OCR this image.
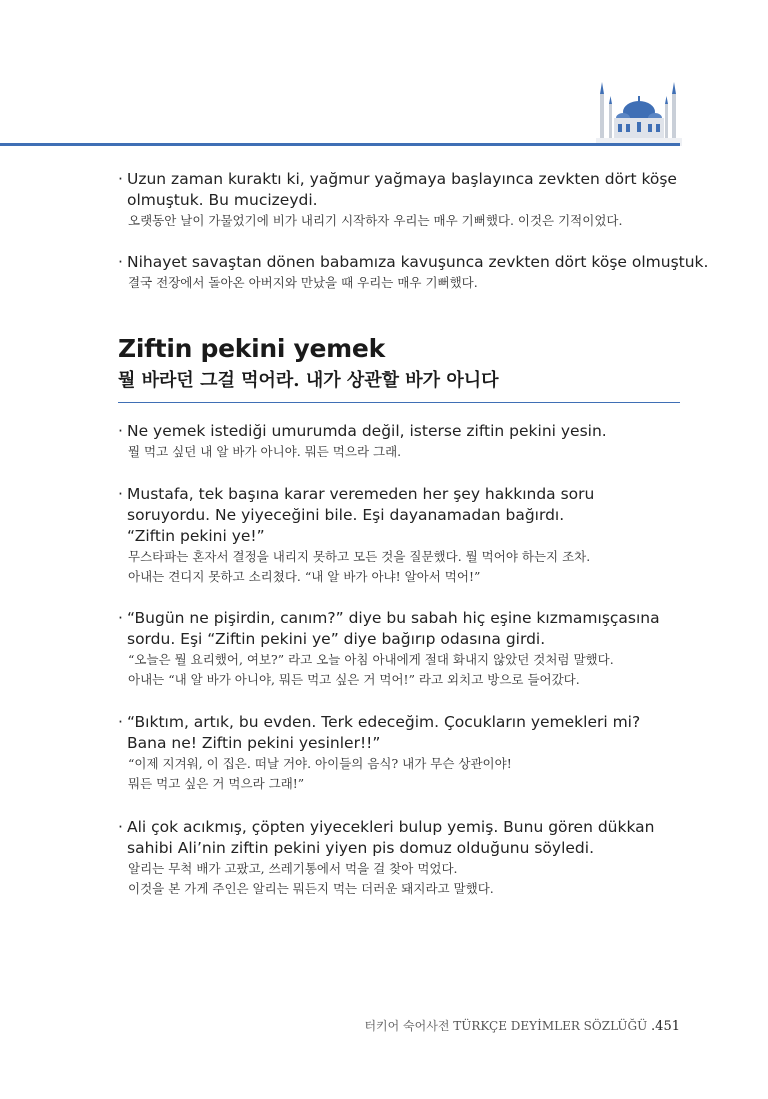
· Uzun zaman kuraktı ki, yağmur yağmaya başlayınca zevkten dört köşe
olmuştuk. Bu mucizeydi.
오랫동안 날이 가물었기에 비가 내리기 시작하자 우리는 매우 기뻐했다. 이것은 기적이었다.
· Nihayet savaştan dönen babamıza kavuşunca zevkten dört köşe olmuştuk.
결국 전장에서 돌아온 아버지와 만났을 때 우리는 매우 기뻐했다.
Ziftin pekini yemek
뭘 바라던 그걸 먹어라. 내가 상관할 바가 아니다
· Ne yemek istediği umurumda değil, isterse ziftin pekini yesin.
뭘 먹고 싶던 내 알 바가 아니야. 뭐든 먹으라 그래.
· Mustafa, tek başına karar veremeden her şey hakkında soru
soruyordu. Ne yiyeceğini bile. Eşi dayanamadan bağırdı.
“Ziftin pekini ye!”
무스타파는 혼자서 결정을 내리지 못하고 모든 것을 질문했다. 뭘 먹어야 하는지 조차.
아내는 견디지 못하고 소리쳤다. “내 알 바가 아냐! 알아서 먹어!”
· “Bugün ne pişirdin, canım?” diye bu sabah hiç eşine kızmamışçasına
sordu. Eşi “Ziftin pekini ye” diye bağırıp odasına girdi.
“오늘은 뭘 요리했어, 여보?” 라고 오늘 아침 아내에게 절대 화내지 않았던 것처럼 말했다.
아내는 “내 알 바가 아니야, 뭐든 먹고 싶은 거 먹어!” 라고 외치고 방으로 들어갔다.
· “Bıktım, artık, bu evden. Terk edeceğim. Çocukların yemekleri mi?
Bana ne! Ziftin pekini yesinler!!”
“이제 지겨워, 이 집은. 떠날 거야. 아이들의 음식? 내가 무슨 상관이야!
뭐든 먹고 싶은 거 먹으라 그래!”
· Ali çok acıkmış, çöpten yiyecekleri bulup yemiş. Bunu gören dükkan
sahibi Ali’nin ziftin pekini yiyen pis domuz olduğunu söyledi.
알리는 무척 배가 고팠고, 쓰레기통에서 먹을 걸 찾아 먹었다.
이것을 본 가게 주인은 알리는 뭐든지 먹는 더러운 돼지라고 말했다.
터키어 숙어사전 TÜRKÇE DEYİMLER SÖZLÜĞÜ .451
